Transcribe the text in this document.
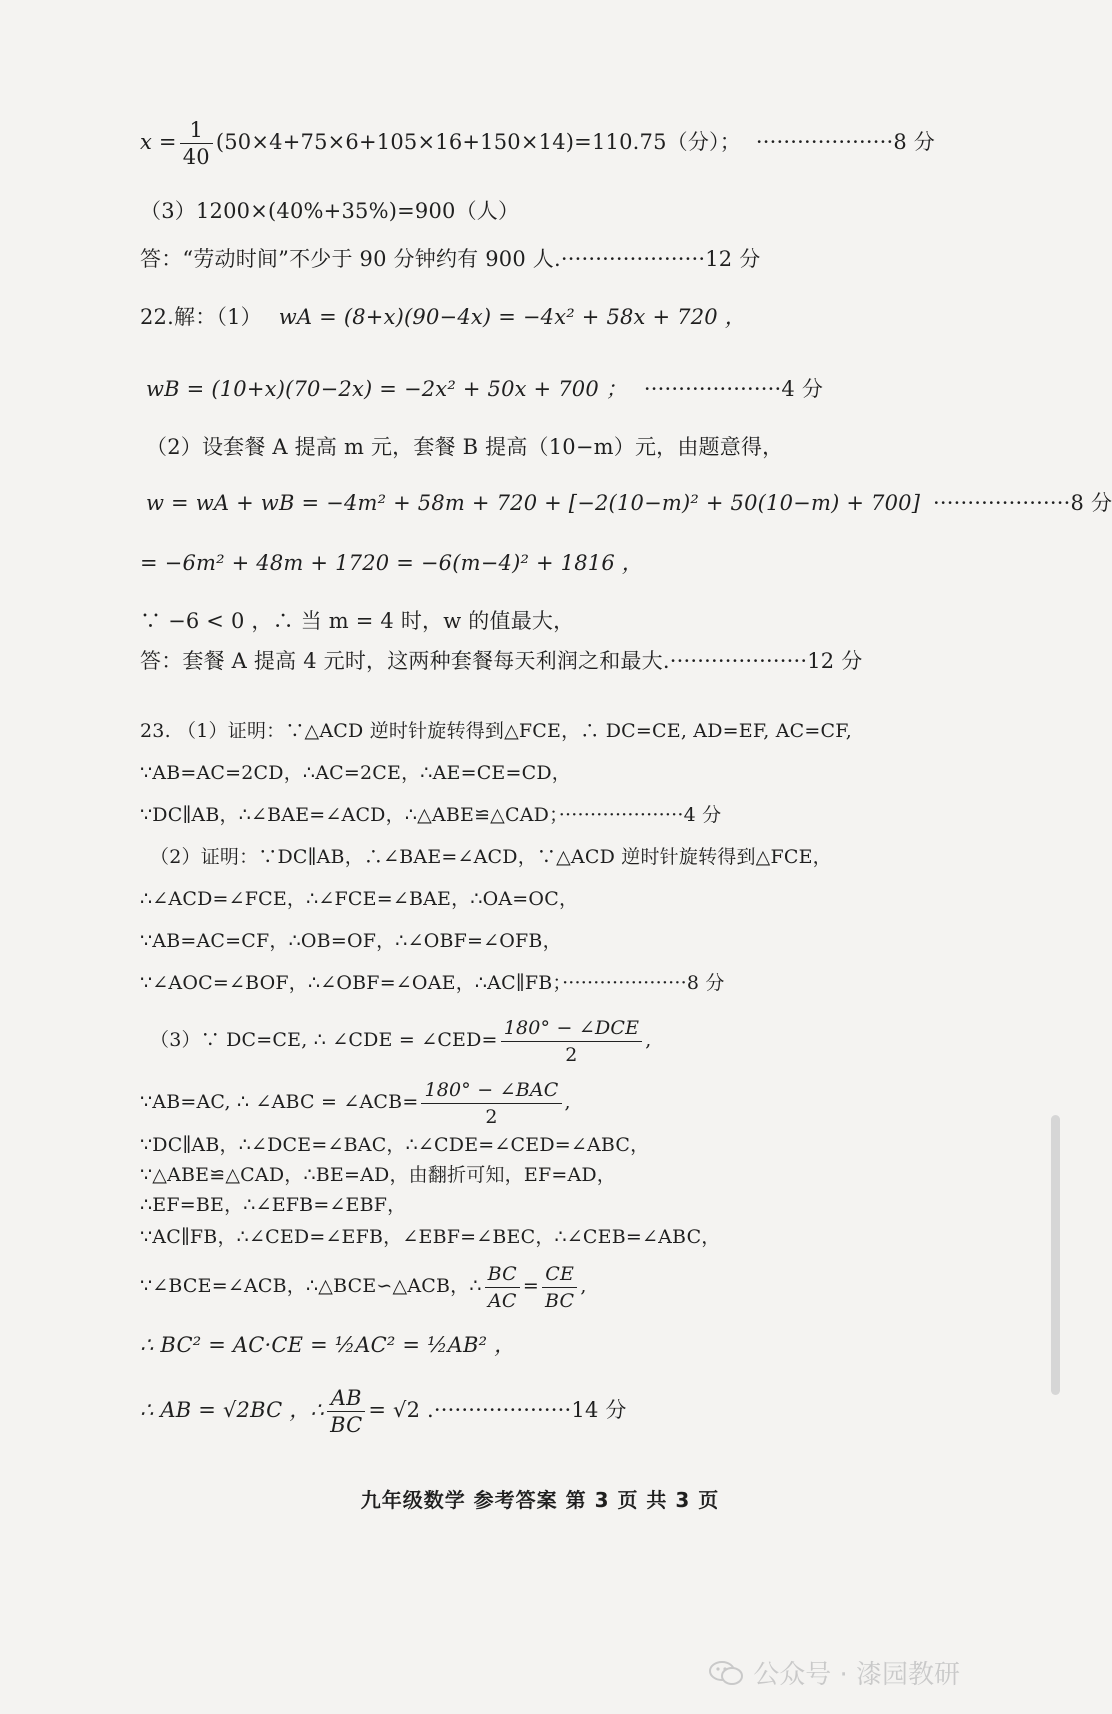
$x = \frac{1}{40} (50\times 4+75\times 6+105\times 16+150\times 14)=110.75$（分）； ····················8 分
（3）1200×(40%+35%)=900（人）
答：“劳动时间”不少于 90 分钟约有 900 人.·····················12 分
22.解：（1） wA = (8+x)(90−4x) = −4x² + 58x + 720 ，
wB = (10+x)(70−2x) = −2x² + 50x + 700 ； ····················4 分
（2）设套餐 A 提高 m 元，套餐 B 提高（10−m）元，由题意得，
w = wA + wB = −4m² + 58m + 720 + [−2(10−m)² + 50(10−m) + 700] ····················8 分
= −6m² + 48m + 1720 = −6(m−4)² + 1816 ，
∵ −6 < 0 ，∴ 当 m = 4 时，w 的值最大，
答：套餐 A 提高 4 元时，这两种套餐每天利润之和最大.····················12 分
23. （1）证明：∵△ACD 逆时针旋转得到△FCE，∴ DC=CE, AD=EF, AC=CF,
∵AB=AC=2CD，∴AC=2CE，∴AE=CE=CD，
∵DC∥AB，∴∠BAE=∠ACD，∴△ABE≌△CAD；····················4 分
（2）证明：∵DC∥AB，∴∠BAE=∠ACD，∵△ACD 逆时针旋转得到△FCE，
∴∠ACD=∠FCE，∴∠FCE=∠BAE，∴OA=OC，
∵AB=AC=CF，∴OB=OF，∴∠OBF=∠OFB，
∵∠AOC=∠BOF，∴∠OBF=∠OAE，∴AC∥FB；····················8 分
（3）∵ DC=CE, ∴ ∠CDE = ∠CED= $\frac{\text{180° − ∠DCE}}{2}$ ,
∵AB=AC, ∴ ∠ABC = ∠ACB= $\frac{\text{180° − ∠BAC}}{2}$ ,
∵DC∥AB，∴∠DCE=∠BAC，∴∠CDE=∠CED=∠ABC，
∵△ABE≌△CAD，∴BE=AD，由翻折可知，EF=AD，
∴EF=BE，∴∠EFB=∠EBF，
∵AC∥FB，∴∠CED=∠EFB，∠EBF=∠BEC，∴∠CEB=∠ABC，
∵∠BCE=∠ACB，∴△BCE∽△ACB，∴ $\frac{BC}{AC} = \frac{CE}{BC}$ ,
∴ BC² = AC·CE = ½AC² = ½AB² ，
∴ AB = √2BC ，∴ $\frac{AB}{BC} = √2$ .····················14 分
九年级数学 参考答案 第 3 页 共 3 页
公众号 · 漆园教研
